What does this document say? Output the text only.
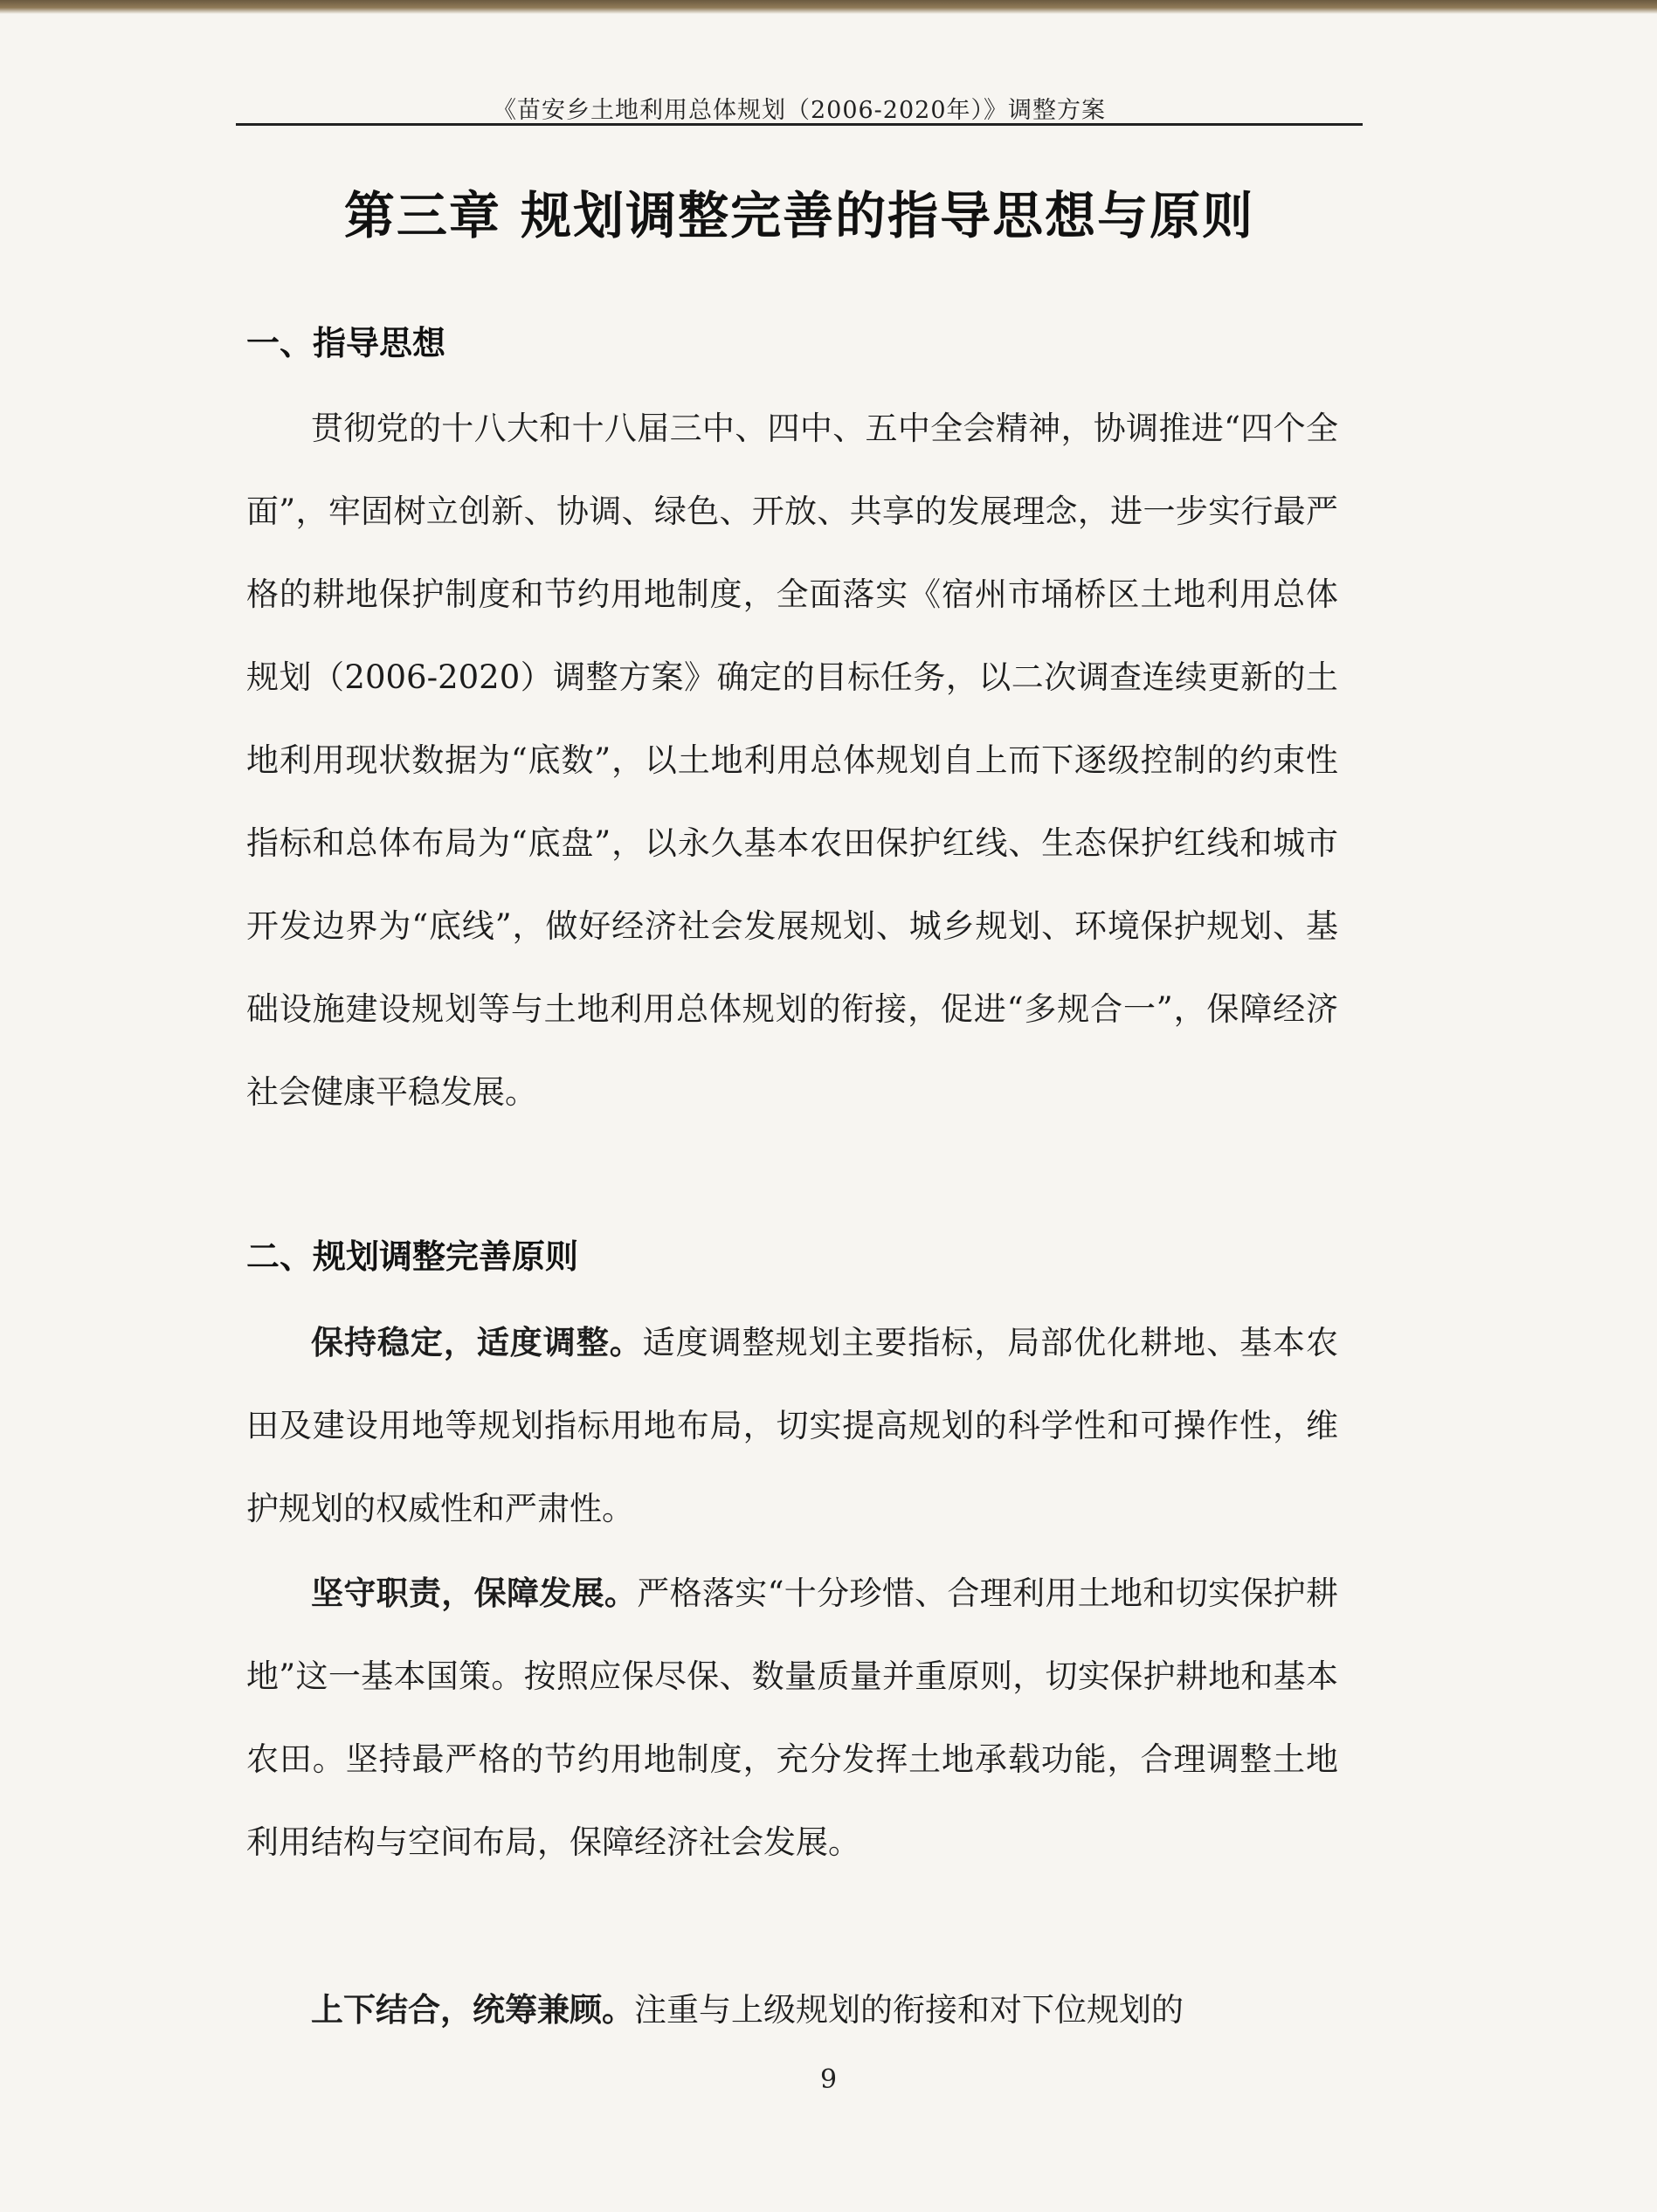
《苗安乡土地利用总体规划（2006-2020年）》调整方案
第三章 规划调整完善的指导思想与原则
一、指导思想

贯彻党的十八大和十八届三中、四中、五中全会精神，协调推进“四个全面”，牢固树立创新、协调、绿色、开放、共享的发展理念，进一步实行最严格的耕地保护制度和节约用地制度，全面落实《宿州市埇桥区土地利用总体规划（2006-2020）调整方案》确定的目标任务，以二次调查连续更新的土地利用现状数据为“底数”，以土地利用总体规划自上而下逐级控制的约束性指标和总体布局为“底盘”，以永久基本农田保护红线、生态保护红线和城市开发边界为“底线”，做好经济社会发展规划、城乡规划、环境保护规划、基础设施建设规划等与土地利用总体规划的衔接，促进“多规合一”，保障经济社会健康平稳发展。

二、规划调整完善原则

保持稳定，适度调整。适度调整规划主要指标，局部优化耕地、基本农田及建设用地等规划指标用地布局，切实提高规划的科学性和可操作性，维护规划的权威性和严肃性。

坚守职责，保障发展。严格落实“十分珍惜、合理利用土地和切实保护耕地”这一基本国策。按照应保尽保、数量质量并重原则，切实保护耕地和基本农田。坚持最严格的节约用地制度，充分发挥土地承载功能，合理调整土地利用结构与空间布局，保障经济社会发展。

上下结合，统筹兼顾。注重与上级规划的衔接和对下位规划的

9
